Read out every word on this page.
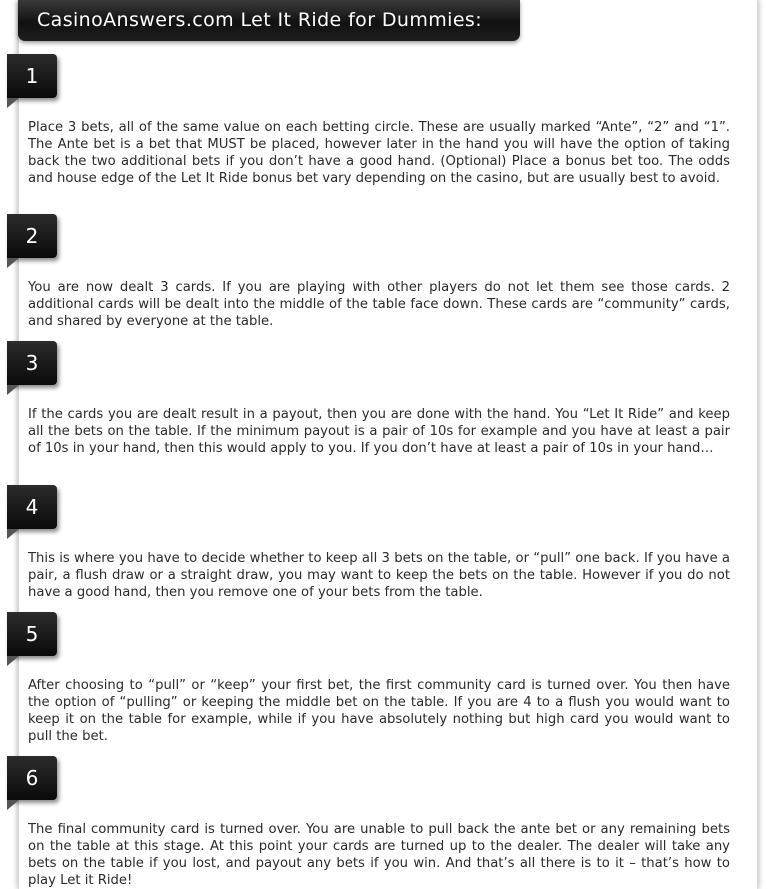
CasinoAnswers.com Let It Ride for Dummies:
1

Place 3 bets, all of the same value on each betting circle. These are usually marked “Ante”, “2” and “1”. The Ante bet is a bet that MUST be placed, however later in the hand you will have the option of taking back the two additional bets if you don’t have a good hand. (Optional) Place a bonus bet too. The odds and house edge of the Let It Ride bonus bet vary depending on the casino, but are usually best to avoid.

2

You are now dealt 3 cards. If you are playing with other players do not let them see those cards. 2 additional cards will be dealt into the middle of the table face down. These cards are “community” cards, and shared by everyone at the table.

3

If the cards you are dealt result in a payout, then you are done with the hand. You “Let It Ride” and keep all the bets on the table. If the minimum payout is a pair of 10s for example and you have at least a pair of 10s in your hand, then this would apply to you. If you don’t have at least a pair of 10s in your hand…

4

This is where you have to decide whether to keep all 3 bets on the table, or “pull” one back. If you have a pair, a flush draw or a straight draw, you may want to keep the bets on the table. However if you do not have a good hand, then you remove one of your bets from the table.

5

After choosing to “pull” or “keep” your first bet, the first community card is turned over. You then have the option of “pulling” or keeping the middle bet on the table. If you are 4 to a flush you would want to keep it on the table for example, while if you have absolutely nothing but high card you would want to pull the bet.

6

The final community card is turned over. You are unable to pull back the ante bet or any remaining bets on the table at this stage. At this point your cards are turned up to the dealer. The dealer will take any bets on the table if you lost, and payout any bets if you win. And that’s all there is to it – that’s how to play Let it Ride!
